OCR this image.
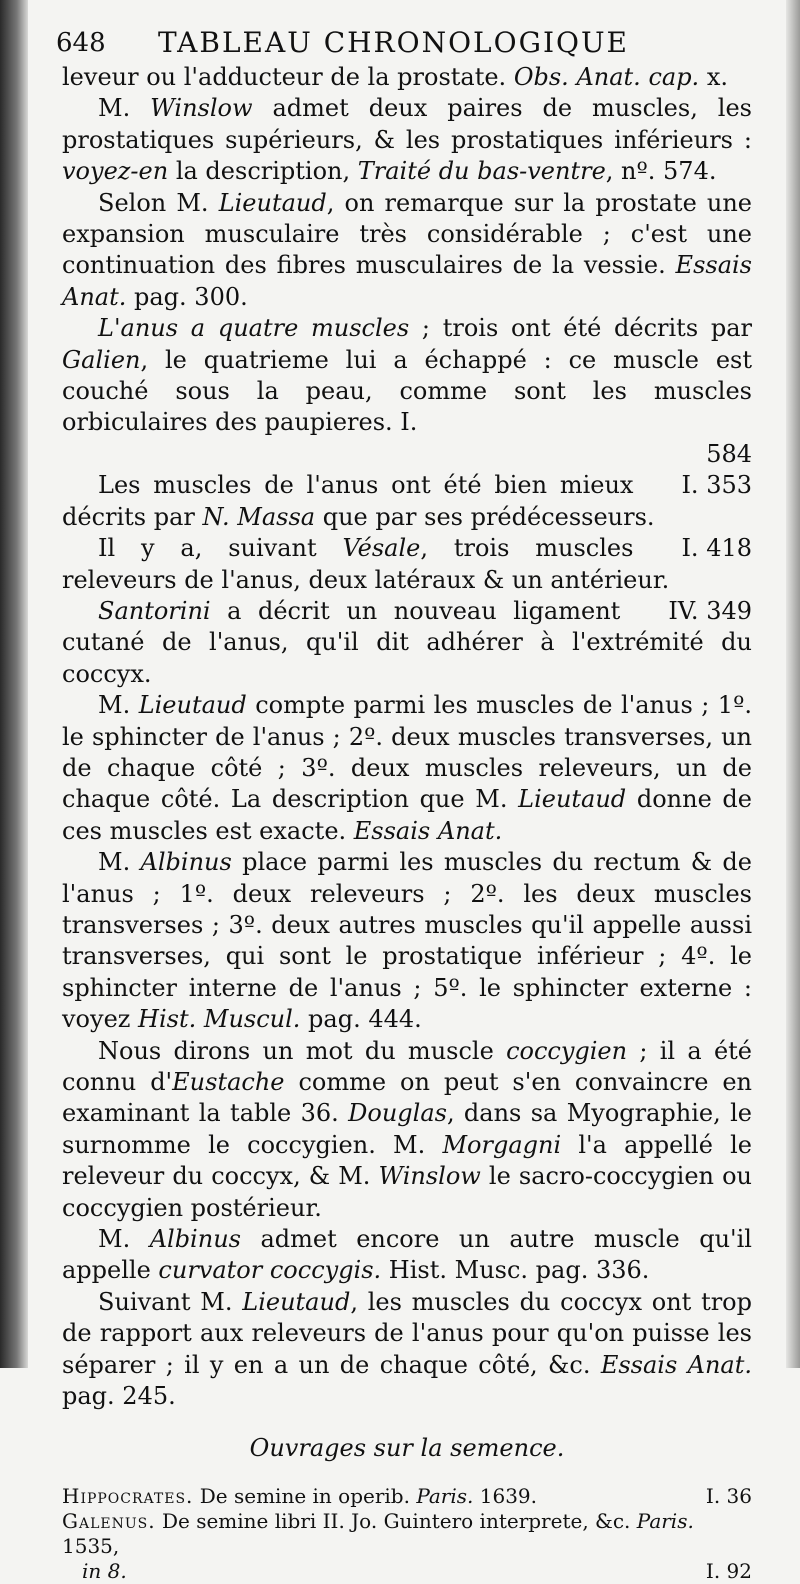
648 TABLEAU CHRONOLOGIQUE

leveur ou l'adducteur de la prostate. Obs. Anat. cap. x.

M. Winslow admet deux paires de muscles, les prostatiques supérieurs, & les prostatiques inférieurs : voyez-en la description, Traité du bas-ventre, nº. 574.

Selon M. Lieutaud, on remarque sur la prostate une expansion musculaire très considérable ; c'est une continuation des fibres musculaires de la vessie. Essais Anat. pag. 300.

L'anus a quatre muscles ; trois ont été décrits par Galien, le quatrieme lui a échappé : ce muscle est couché sous la peau, comme sont les muscles orbiculaires des paupieres. I.
584

I. 353
Les muscles de l'anus ont été bien mieux décrits par N. Massa que par ses prédécesseurs.

I. 418
Il y a, suivant Vésale, trois muscles releveurs de l'anus, deux latéraux & un antérieur.

IV. 349
Santorini a décrit un nouveau ligament cutané de l'anus, qu'il dit adhérer à l'extrémité du coccyx.

M. Lieutaud compte parmi les muscles de l'anus ; 1º. le sphincter de l'anus ; 2º. deux muscles transverses, un de chaque côté ; 3º. deux muscles releveurs, un de chaque côté. La description que M. Lieutaud donne de ces muscles est exacte. Essais Anat.

M. Albinus place parmi les muscles du rectum & de l'anus ; 1º. deux releveurs ; 2º. les deux muscles transverses ; 3º. deux autres muscles qu'il appelle aussi transverses, qui sont le prostatique inférieur ; 4º. le sphincter interne de l'anus ; 5º. le sphincter externe : voyez Hist. Muscul. pag. 444.

Nous dirons un mot du muscle coccygien ; il a été connu d'Eustache comme on peut s'en convaincre en examinant la table 36. Douglas, dans sa Myographie, le surnomme le coccygien. M. Morgagni l'a appellé le releveur du coccyx, & M. Winslow le sacro-coccygien ou coccygien postérieur.

M. Albinus admet encore un autre muscle qu'il appelle curvator coccygis. Hist. Musc. pag. 336.

Suivant M. Lieutaud, les muscles du coccyx ont trop de rapport aux releveurs de l'anus pour qu'on puisse les séparer ; il y en a un de chaque côté, &c. Essais Anat. pag. 245.

Ouvrages sur la semence.
I. 36
Hippocrates. De semine in operib. Paris. 1639.
Galenus. De semine libri II. Jo. Guintero interprete, &c. Paris. 1535,
I. 92
in 8.
